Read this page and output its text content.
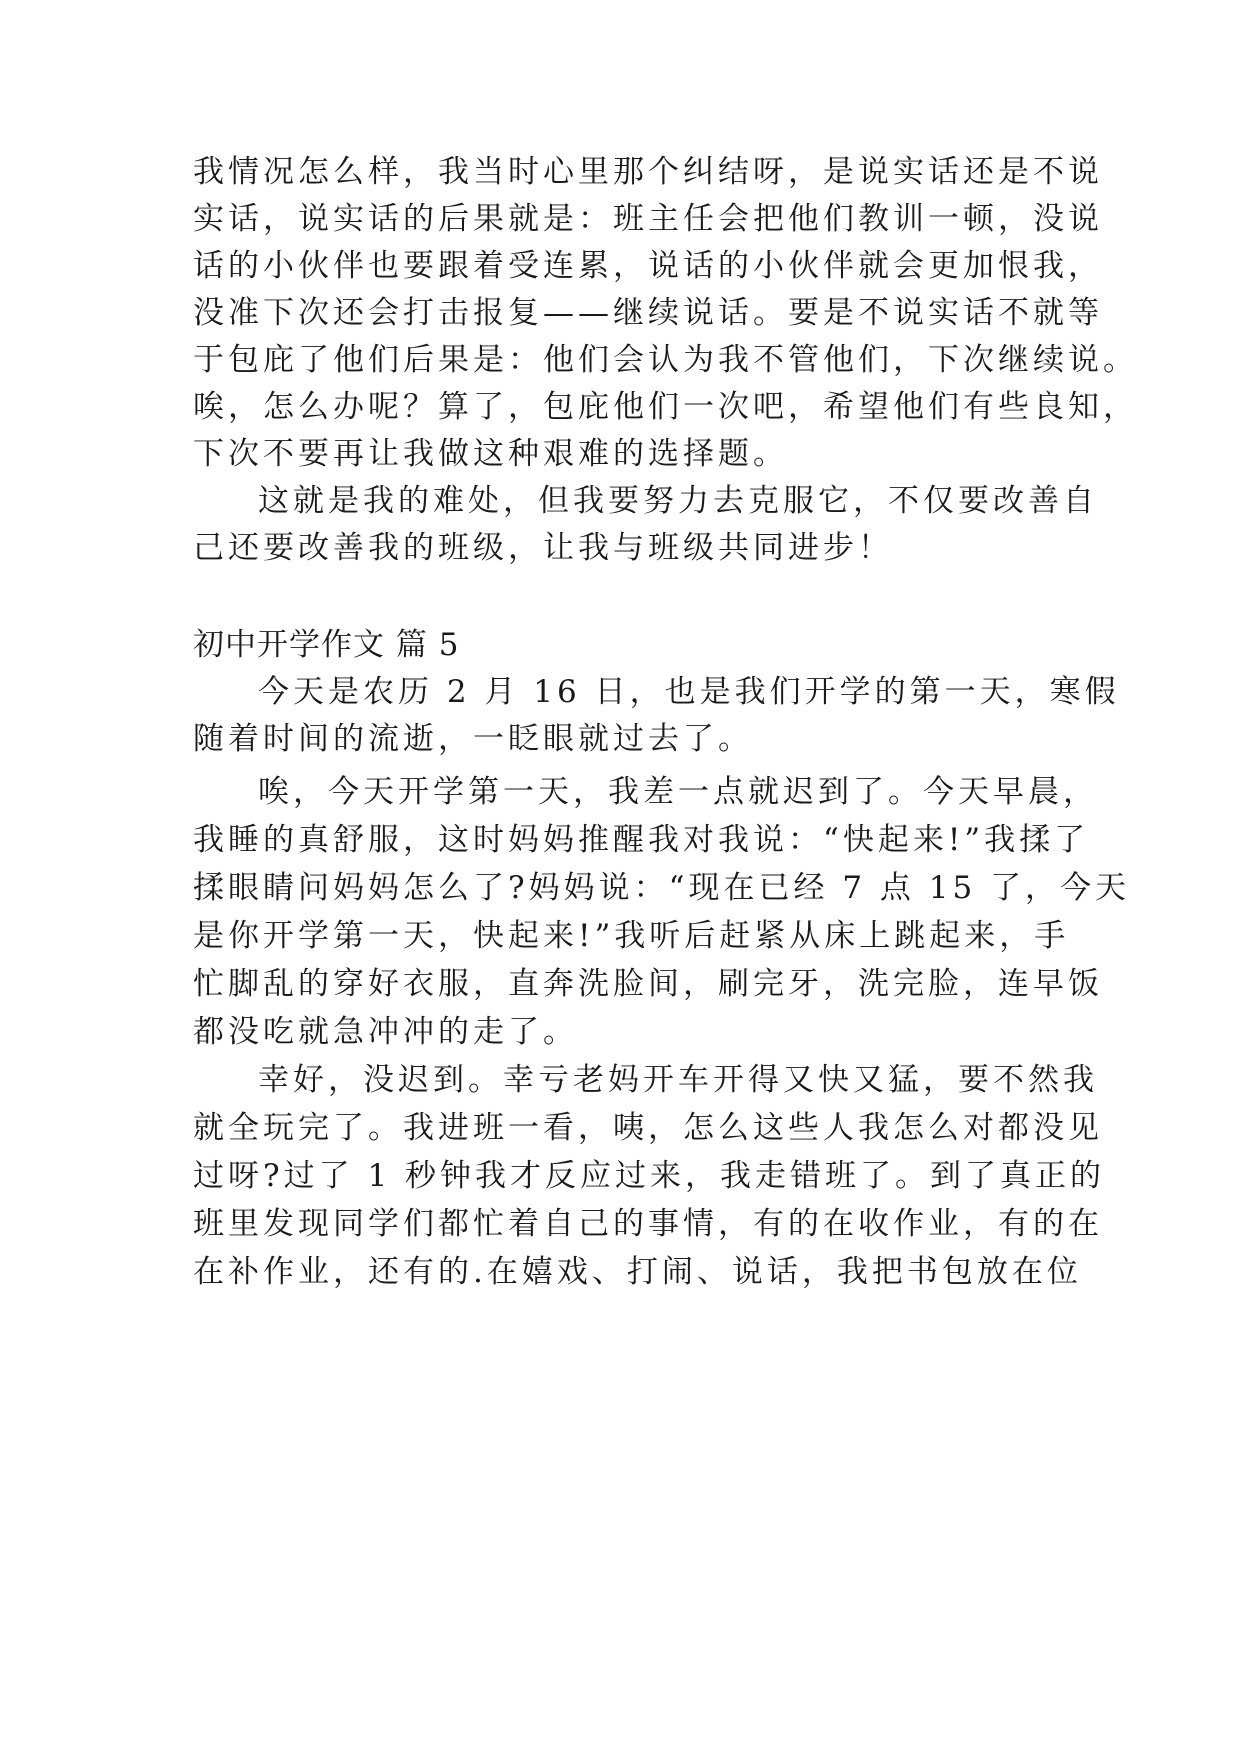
我情况怎么样，我当时心里那个纠结呀，是说实话还是不说
实话，说实话的后果就是：班主任会把他们教训一顿，没说
话的小伙伴也要跟着受连累，说话的小伙伴就会更加恨我，
没准下次还会打击报复——继续说话。要是不说实话不就等
于包庇了他们后果是：他们会认为我不管他们，下次继续说。
唉，怎么办呢？算了，包庇他们一次吧，希望他们有些良知，
下次不要再让我做这种艰难的选择题。
这就是我的难处，但我要努力去克服它，不仅要改善自
己还要改善我的班级，让我与班级共同进步！
初中开学作文 篇 5
今天是农历 2 月 16 日，也是我们开学的第一天，寒假
随着时间的流逝，一眨眼就过去了。
唉，今天开学第一天，我差一点就迟到了。今天早晨，
我睡的真舒服，这时妈妈推醒我对我说：“快起来!”我揉了
揉眼睛问妈妈怎么了?妈妈说：“现在已经 7 点 15 了，今天
是你开学第一天，快起来!”我听后赶紧从床上跳起来，手
忙脚乱的穿好衣服，直奔洗脸间，刷完牙，洗完脸，连早饭
都没吃就急冲冲的走了。
幸好，没迟到。幸亏老妈开车开得又快又猛，要不然我
就全玩完了。我进班一看，咦，怎么这些人我怎么对都没见
过呀?过了 1 秒钟我才反应过来，我走错班了。到了真正的
班里发现同学们都忙着自己的事情，有的在收作业，有的在
在补作业，还有的.在嬉戏、打闹、说话，我把书包放在位
